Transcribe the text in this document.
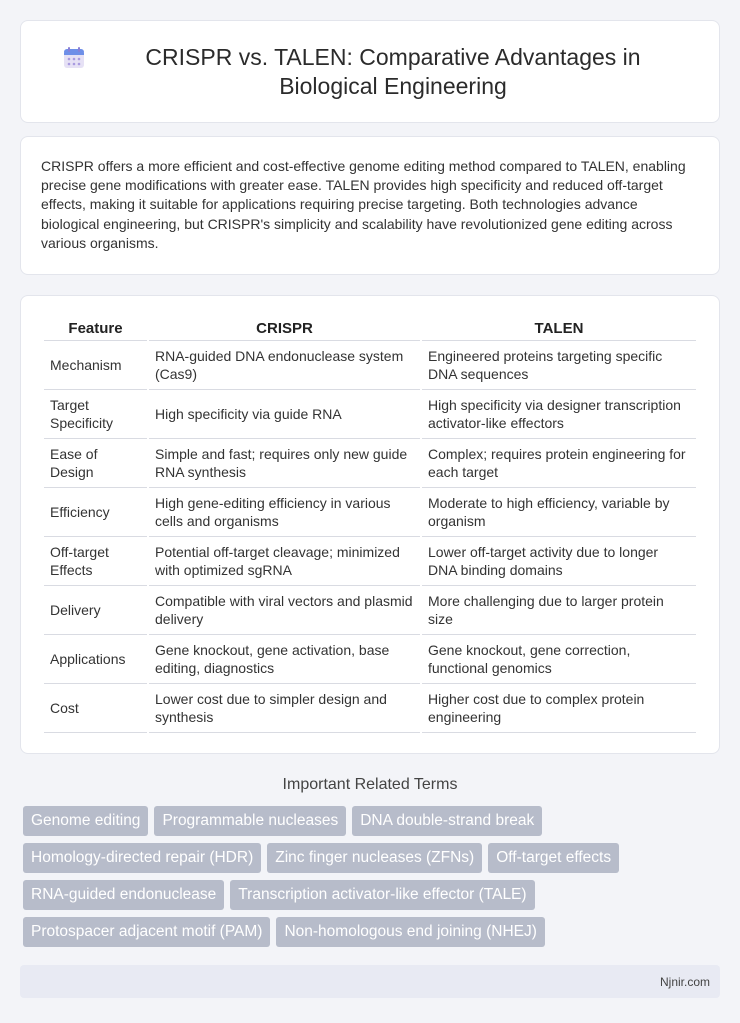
CRISPR vs. TALEN: Comparative Advantages in Biological Engineering

CRISPR offers a more efficient and cost-effective genome editing method compared to TALEN, enabling precise gene modifications with greater ease. TALEN provides high specificity and reduced off-target effects, making it suitable for applications requiring precise targeting. Both technologies advance biological engineering, but CRISPR's simplicity and scalability have revolutionized gene editing across various organisms.

Feature	CRISPR	TALEN
Mechanism	RNA-guided DNA endonuclease system (Cas9)	Engineered proteins targeting specific DNA sequences
Target Specificity	High specificity via guide RNA	High specificity via designer transcription activator-like effectors
Ease of Design	Simple and fast; requires only new guide RNA synthesis	Complex; requires protein engineering for each target
Efficiency	High gene-editing efficiency in various cells and organisms	Moderate to high efficiency, variable by organism
Off-target Effects	Potential off-target cleavage; minimized with optimized sgRNA	Lower off-target activity due to longer DNA binding domains
Delivery	Compatible with viral vectors and plasmid delivery	More challenging due to larger protein size
Applications	Gene knockout, gene activation, base editing, diagnostics	Gene knockout, gene correction, functional genomics
Cost	Lower cost due to simpler design and synthesis	Higher cost due to complex protein engineering
Important Related Terms
Genome editing	Programmable nucleases	DNA double-strand break
Homology-directed repair (HDR)	Zinc finger nucleases (ZFNs)	Off-target effects
RNA-guided endonuclease	Transcription activator-like effector (TALE)
Protospacer adjacent motif (PAM)	Non-homologous end joining (NHEJ)
Njnir.com
